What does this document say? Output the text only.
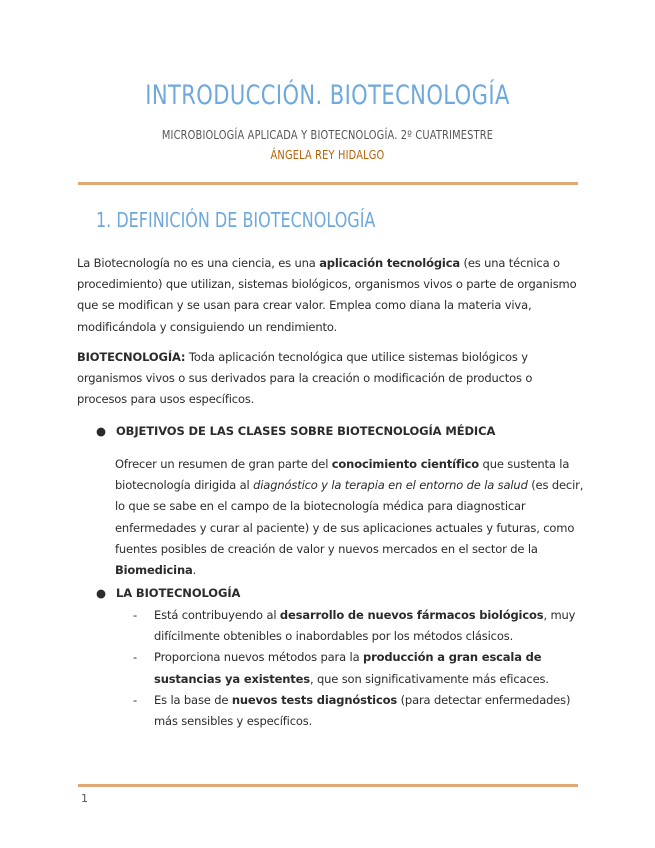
INTRODUCCIÓN. BIOTECNOLOGÍA

MICROBIOLOGÍA APLICADA Y BIOTECNOLOGÍA. 2º CUATRIMESTRE

ÁNGELA REY HIDALGO

1. DEFINICIÓN DE BIOTECNOLOGÍA

La Biotecnología no es una ciencia, es una aplicación tecnológica (es una técnica o procedimiento) que utilizan, sistemas biológicos, organismos vivos o parte de organismo que se modifican y se usan para crear valor. Emplea como diana la materia viva, modificándola y consiguiendo un rendimiento.

BIOTECNOLOGÍA: Toda aplicación tecnológica que utilice sistemas biológicos y organismos vivos o sus derivados para la creación o modificación de productos o procesos para usos específicos.

● OBJETIVOS DE LAS CLASES SOBRE BIOTECNOLOGÍA MÉDICA

Ofrecer un resumen de gran parte del conocimiento científico que sustenta la biotecnología dirigida al diagnóstico y la terapia en el entorno de la salud (es decir, lo que se sabe en el campo de la biotecnología médica para diagnosticar enfermedades y curar al paciente) y de sus aplicaciones actuales y futuras, como fuentes posibles de creación de valor y nuevos mercados en el sector de la Biomedicina.

● LA BIOTECNOLOGÍA

- Está contribuyendo al desarrollo de nuevos fármacos biológicos, muy difícilmente obtenibles o inabordables por los métodos clásicos.
- Proporciona nuevos métodos para la producción a gran escala de sustancias ya existentes, que son significativamente más eficaces.
- Es la base de nuevos tests diagnósticos (para detectar enfermedades) más sensibles y específicos.
1
